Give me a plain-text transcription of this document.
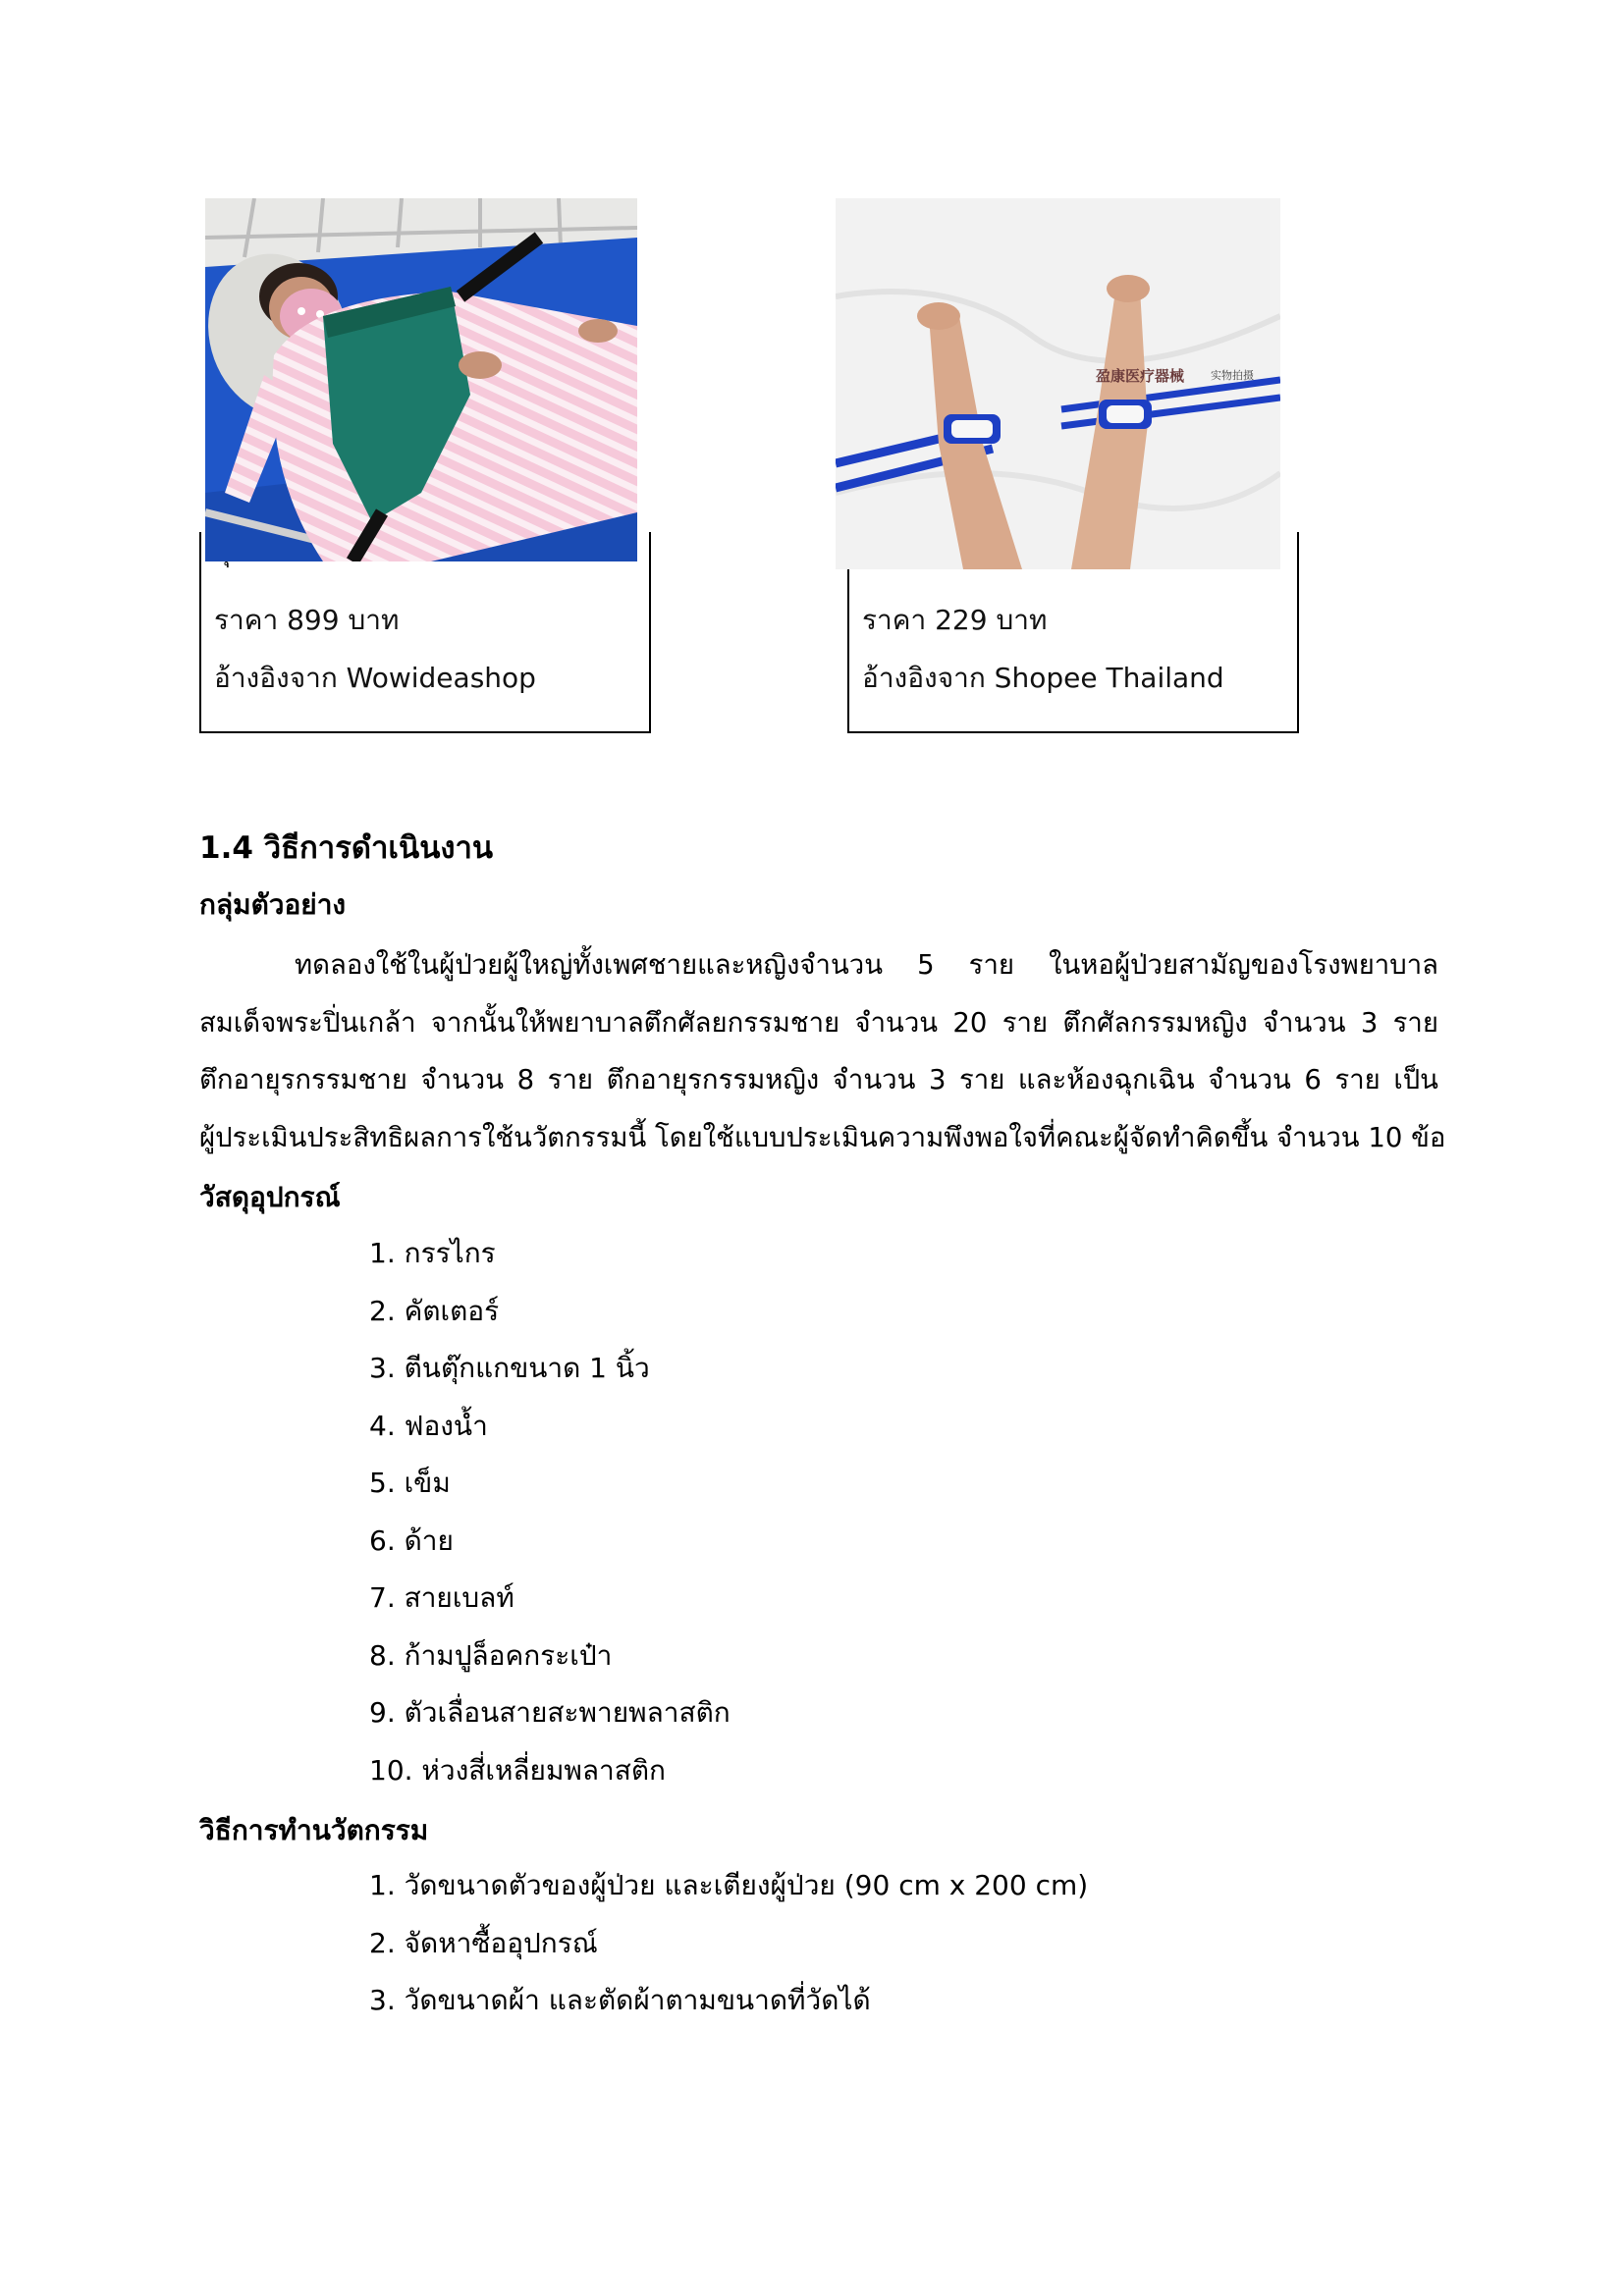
ราคา 899 บาท
อ้างอิงจาก Wowideashop
ราคา 229 บาท
อ้างอิงจาก Shopee Thailand
盈康医疗器械 实物拍摄
1.4 วิธีการดำเนินงาน
กลุ่มตัวอย่าง
ทดลองใช้ในผู้ป่วยผู้ใหญ่ทั้งเพศชายและหญิงจำนวน 5 ราย ในหอผู้ป่วยสามัญของโรงพยาบาล
สมเด็จพระปิ่นเกล้า จากนั้นให้พยาบาลตึกศัลยกรรมชาย จำนวน 20 ราย ตึกศัลกรรมหญิง จำนวน 3 ราย
ตึกอายุรกรรมชาย จำนวน 8 ราย ตึกอายุรกรรมหญิง จำนวน 3 ราย และห้องฉุกเฉิน จำนวน 6 ราย เป็น
ผู้ประเมินประสิทธิผลการใช้นวัตกรรมนี้ โดยใช้แบบประเมินความพึงพอใจที่คณะผู้จัดทำคิดขึ้น จำนวน 10 ข้อ
วัสดุอุปกรณ์
1. กรรไกร
2. คัตเตอร์
3. ตีนตุ๊กแกขนาด 1 นิ้ว
4. ฟองน้ำ
5. เข็ม
6. ด้าย
7. สายเบลท์
8. ก้ามปูล็อคกระเป๋า
9. ตัวเลื่อนสายสะพายพลาสติก
10. ห่วงสี่เหลี่ยมพลาสติก
วิธีการทำนวัตกรรม
1. วัดขนาดตัวของผู้ป่วย และเตียงผู้ป่วย (90 cm x 200 cm)
2. จัดหาซื้ออุปกรณ์
3. วัดขนาดผ้า และตัดผ้าตามขนาดที่วัดได้
